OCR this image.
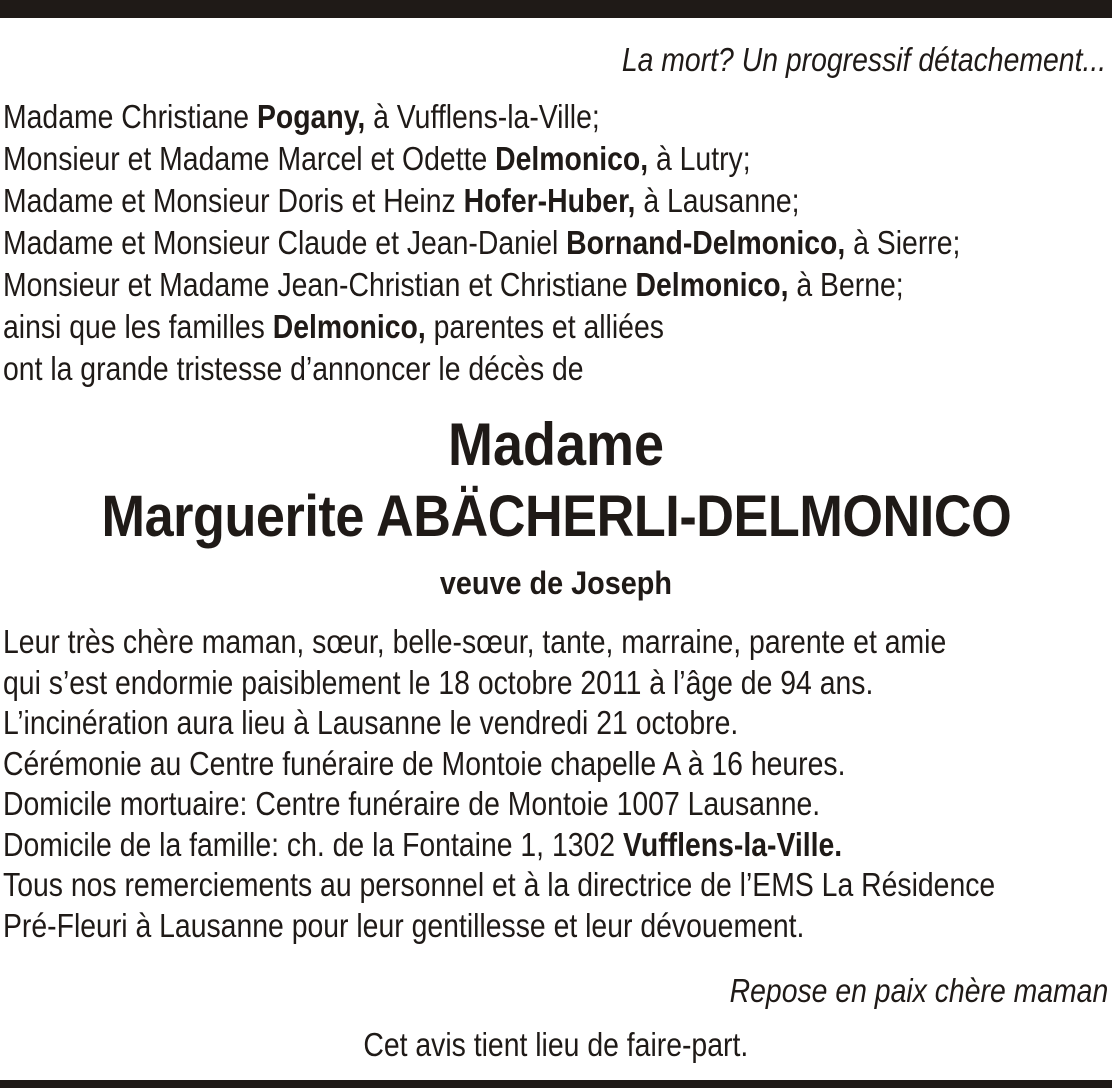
La mort? Un progressif détachement...
Madame Christiane Pogany, à Vufflens-la-Ville;
Monsieur et Madame Marcel et Odette Delmonico, à Lutry;
Madame et Monsieur Doris et Heinz Hofer-Huber, à Lausanne;
Madame et Monsieur Claude et Jean-Daniel Bornand-Delmonico, à Sierre;
Monsieur et Madame Jean-Christian et Christiane Delmonico, à Berne;
ainsi que les familles Delmonico, parentes et alliées
ont la grande tristesse d’annoncer le décès de
Madame
Marguerite ABÄCHERLI-DELMONICO
veuve de Joseph
Leur très chère maman, sœur, belle-sœur, tante, marraine, parente et amie
qui s’est endormie paisiblement le 18 octobre 2011 à l’âge de 94 ans.
L’incinération aura lieu à Lausanne le vendredi 21 octobre.
Cérémonie au Centre funéraire de Montoie chapelle A à 16 heures.
Domicile mortuaire: Centre funéraire de Montoie 1007 Lausanne.
Domicile de la famille: ch. de la Fontaine 1, 1302 Vufflens-la-Ville.
Tous nos remerciements au personnel et à la directrice de l’EMS La Résidence
Pré-Fleuri à Lausanne pour leur gentillesse et leur dévouement.
Repose en paix chère maman
Cet avis tient lieu de faire-part.
